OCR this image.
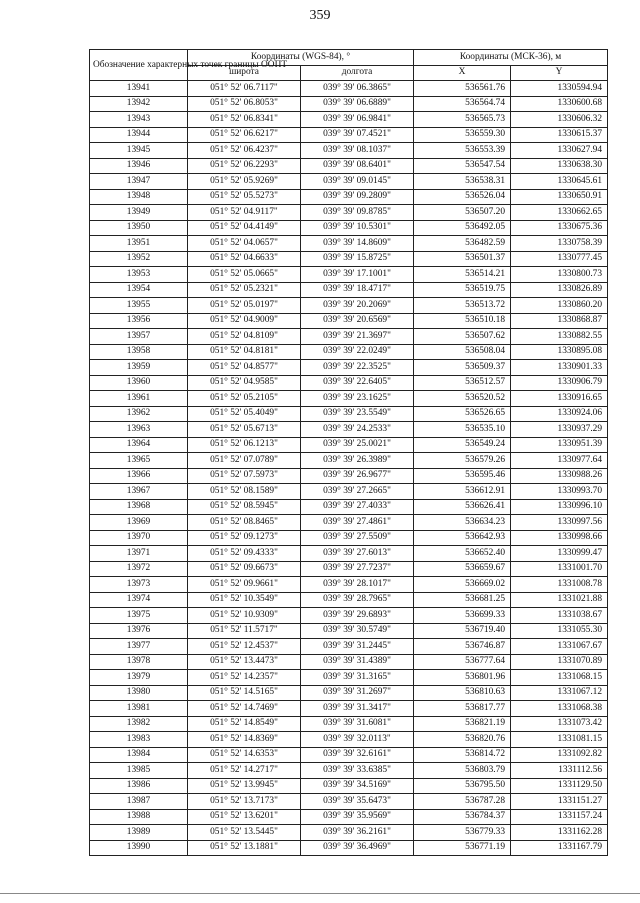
359
Обозначение характерных точек границы ООПТ	Координаты (WGS-84), °		Координаты (МСК-36), м	
	широта	долгота	X	Y
13941	051° 52' 06.7117"	039° 39' 06.3865"	536561.76	1330594.94
13942	051° 52' 06.8053"	039° 39' 06.6889"	536564.74	1330600.68
13943	051° 52' 06.8341"	039° 39' 06.9841"	536565.73	1330606.32
13944	051° 52' 06.6217"	039° 39' 07.4521"	536559.30	1330615.37
13945	051° 52' 06.4237"	039° 39' 08.1037"	536553.39	1330627.94
13946	051° 52' 06.2293"	039° 39' 08.6401"	536547.54	1330638.30
13947	051° 52' 05.9269"	039° 39' 09.0145"	536538.31	1330645.61
13948	051° 52' 05.5273"	039° 39' 09.2809"	536526.04	1330650.91
13949	051° 52' 04.9117"	039° 39' 09.8785"	536507.20	1330662.65
13950	051° 52' 04.4149"	039° 39' 10.5301"	536492.05	1330675.36
13951	051° 52' 04.0657"	039° 39' 14.8609"	536482.59	1330758.39
13952	051° 52' 04.6633"	039° 39' 15.8725"	536501.37	1330777.45
13953	051° 52' 05.0665"	039° 39' 17.1001"	536514.21	1330800.73
13954	051° 52' 05.2321"	039° 39' 18.4717"	536519.75	1330826.89
13955	051° 52' 05.0197"	039° 39' 20.2069"	536513.72	1330860.20
13956	051° 52' 04.9009"	039° 39' 20.6569"	536510.18	1330868.87
13957	051° 52' 04.8109"	039° 39' 21.3697"	536507.62	1330882.55
13958	051° 52' 04.8181"	039° 39' 22.0249"	536508.04	1330895.08
13959	051° 52' 04.8577"	039° 39' 22.3525"	536509.37	1330901.33
13960	051° 52' 04.9585"	039° 39' 22.6405"	536512.57	1330906.79
13961	051° 52' 05.2105"	039° 39' 23.1625"	536520.52	1330916.65
13962	051° 52' 05.4049"	039° 39' 23.5549"	536526.65	1330924.06
13963	051° 52' 05.6713"	039° 39' 24.2533"	536535.10	1330937.29
13964	051° 52' 06.1213"	039° 39' 25.0021"	536549.24	1330951.39
13965	051° 52' 07.0789"	039° 39' 26.3989"	536579.26	1330977.64
13966	051° 52' 07.5973"	039° 39' 26.9677"	536595.46	1330988.26
13967	051° 52' 08.1589"	039° 39' 27.2665"	536612.91	1330993.70
13968	051° 52' 08.5945"	039° 39' 27.4033"	536626.41	1330996.10
13969	051° 52' 08.8465"	039° 39' 27.4861"	536634.23	1330997.56
13970	051° 52' 09.1273"	039° 39' 27.5509"	536642.93	1330998.66
13971	051° 52' 09.4333"	039° 39' 27.6013"	536652.40	1330999.47
13972	051° 52' 09.6673"	039° 39' 27.7237"	536659.67	1331001.70
13973	051° 52' 09.9661"	039° 39' 28.1017"	536669.02	1331008.78
13974	051° 52' 10.3549"	039° 39' 28.7965"	536681.25	1331021.88
13975	051° 52' 10.9309"	039° 39' 29.6893"	536699.33	1331038.67
13976	051° 52' 11.5717"	039° 39' 30.5749"	536719.40	1331055.30
13977	051° 52' 12.4537"	039° 39' 31.2445"	536746.87	1331067.67
13978	051° 52' 13.4473"	039° 39' 31.4389"	536777.64	1331070.89
13979	051° 52' 14.2357"	039° 39' 31.3165"	536801.96	1331068.15
13980	051° 52' 14.5165"	039° 39' 31.2697"	536810.63	1331067.12
13981	051° 52' 14.7469"	039° 39' 31.3417"	536817.77	1331068.38
13982	051° 52' 14.8549"	039° 39' 31.6081"	536821.19	1331073.42
13983	051° 52' 14.8369"	039° 39' 32.0113"	536820.76	1331081.15
13984	051° 52' 14.6353"	039° 39' 32.6161"	536814.72	1331092.82
13985	051° 52' 14.2717"	039° 39' 33.6385"	536803.79	1331112.56
13986	051° 52' 13.9945"	039° 39' 34.5169"	536795.50	1331129.50
13987	051° 52' 13.7173"	039° 39' 35.6473"	536787.28	1331151.27
13988	051° 52' 13.6201"	039° 39' 35.9569"	536784.37	1331157.24
13989	051° 52' 13.5445"	039° 39' 36.2161"	536779.33	1331162.28
13990	051° 52' 13.1881"	039° 39' 36.4969"	536771.19	1331167.79
